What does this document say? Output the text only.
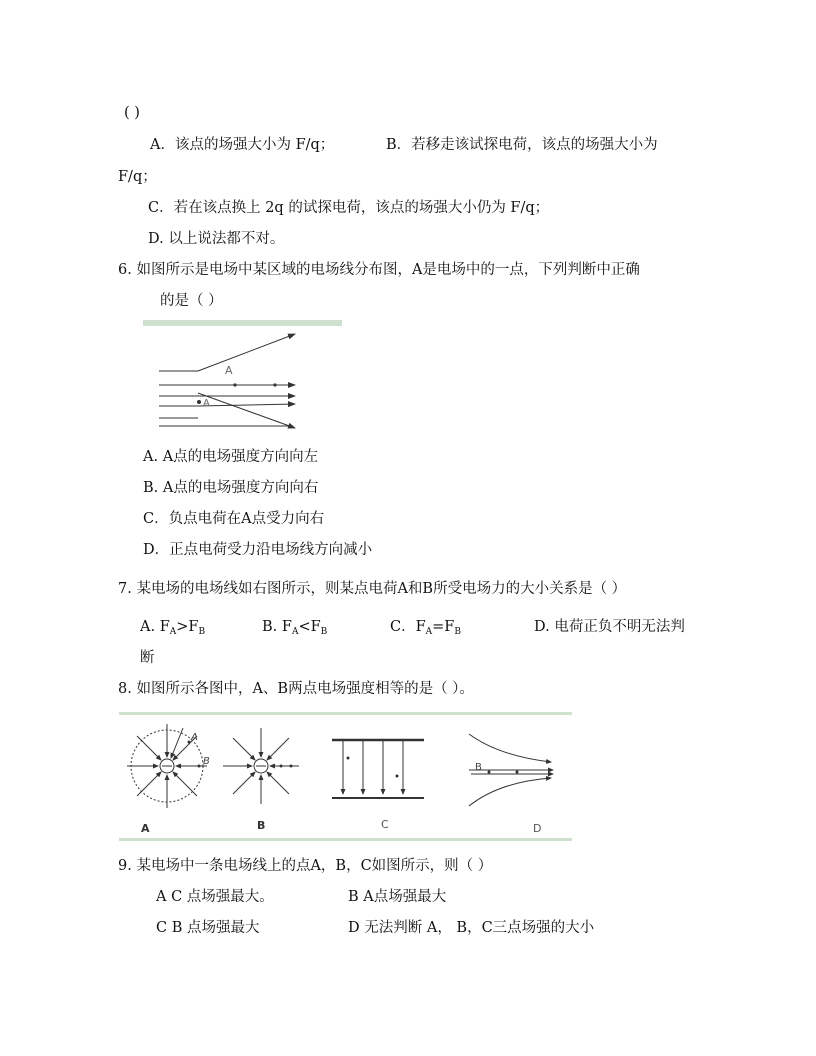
( )
A．该点的场强大小为 F/q；	B．若移走该试探电荷，该点的场强大小为
F/q；
C．若在该点换上 2q 的试探电荷，该点的场强大小仍为 F/q；
D. 以上说法都不对。
6. 如图所示是电场中某区域的电场线分布图，A是电场中的一点，下列判断中正确
的是（ ）
A
A
A. A点的电场强度方向向左
B. A点的电场强度方向向右
C．负点电荷在A点受力向右
D．正点电荷受力沿电场线方向减小
7. 某电场的电场线如右图所示，则某点电荷A和B所受电场力的大小关系是（ ）
A. $F_A>F_B$	B. $F_A<F_B$	C．$F_A=F_B$	D. 电荷正负不明无法判
断
8. 如图所示各图中，A、B两点电场强度相等的是（ ）。
A
B
B
A	B	C	D
9. 某电场中一条电场线上的点A，B，C如图所示，则（ ）
A C 点场强最大。	B A点场强最大
C B 点场强最大	D 无法判断 A， B，C三点场强的大小
